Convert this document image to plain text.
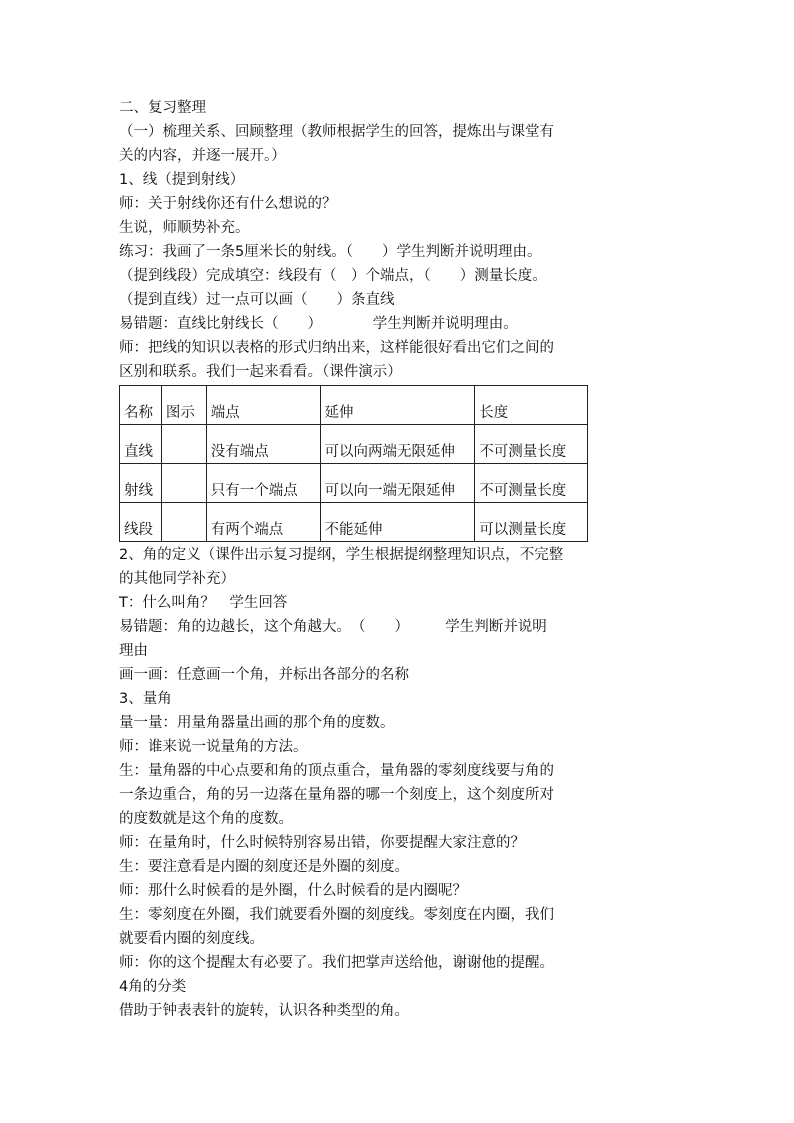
二、复习整理
（一）梳理关系、回顾整理（教师根据学生的回答，提炼出与课堂有
关的内容，并逐一展开。）
1、线（提到射线）
师：关于射线你还有什么想说的？
生说，师顺势补充。
练习：我画了一条5厘米长的射线。（　　）学生判断并说明理由。
（提到线段）完成填空：线段有（　）个端点，（　　）测量长度。
（提到直线）过一点可以画（　　）条直线
易错题：直线比射线长（　　）　　　　学生判断并说明理由。
师：把线的知识以表格的形式归纳出来，这样能很好看出它们之间的
区别和联系。我们一起来看看。（课件演示）
名称	图示	端点	延伸	长度
直线		没有端点	可以向两端无限延伸	不可测量长度
射线		只有一个端点	可以向一端无限延伸	不可测量长度
线段		有两个端点	不能延伸	可以测量长度
2、角的定义（课件出示复习提纲，学生根据提纲整理知识点，不完整
的其他同学补充）
T：什么叫角？　学生回答
易错题：角的边越长，这个角越大。　（　　）　　　学生判断并说明
理由
画一画：任意画一个角，并标出各部分的名称
3、量角
量一量：用量角器量出画的那个角的度数。
师：谁来说一说量角的方法。
生：量角器的中心点要和角的顶点重合，量角器的零刻度线要与角的
一条边重合，角的另一边落在量角器的哪一个刻度上，这个刻度所对
的度数就是这个角的度数。
师：在量角时，什么时候特别容易出错，你要提醒大家注意的？
生：要注意看是内圈的刻度还是外圈的刻度。
师：那什么时候看的是外圈，什么时候看的是内圈呢？
生：零刻度在外圈，我们就要看外圈的刻度线。零刻度在内圈，我们
就要看内圈的刻度线。
师：你的这个提醒太有必要了。我们把掌声送给他，谢谢他的提醒。
4角的分类
借助于钟表表针的旋转，认识各种类型的角。
